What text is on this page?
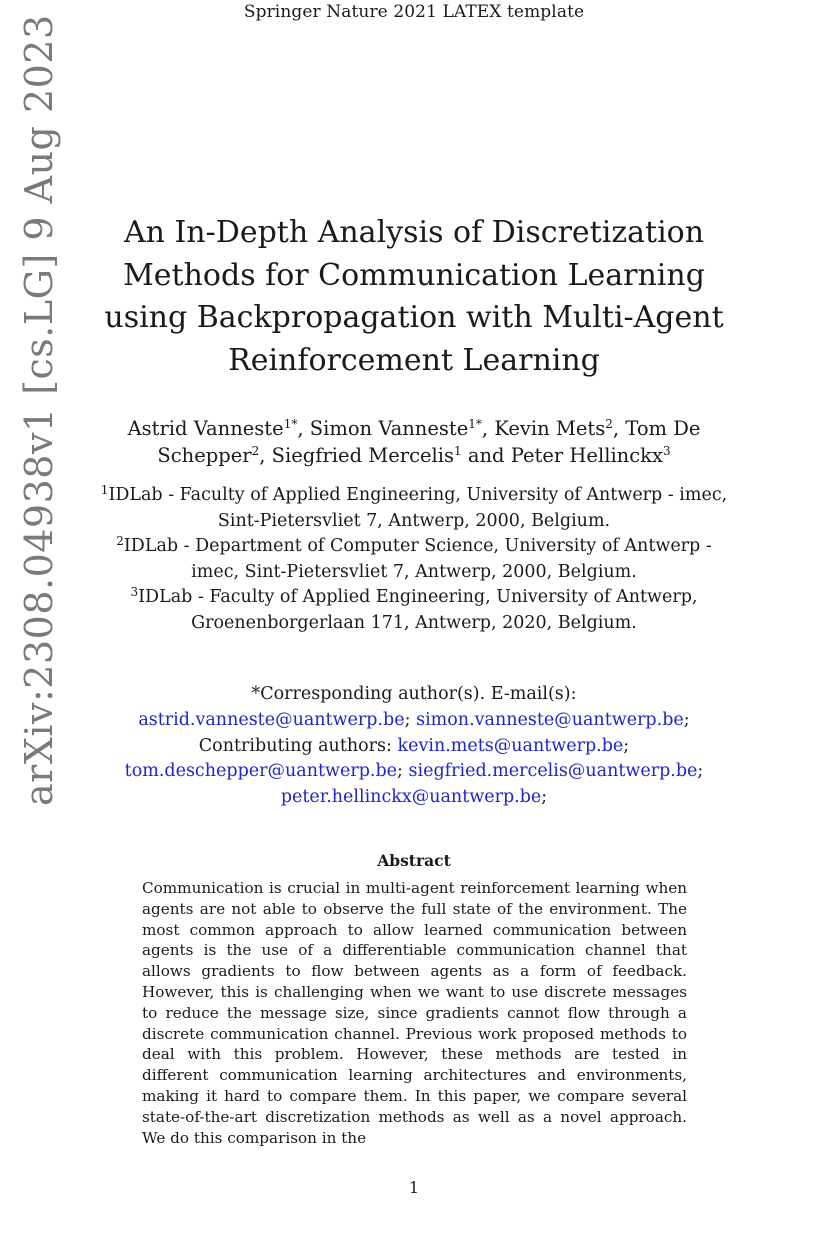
Springer Nature 2021 LATEX template
arXiv:2308.04938v1 [cs.LG] 9 Aug 2023	An In-Depth Analysis of Discretization Methods for Communication Learning using Backpropagation with Multi-Agent Reinforcement Learning
Astrid Vanneste$^{1*}$, Simon Vanneste$^{1*}$, Kevin Mets$^2$, Tom De Schepper$^2$, Siegfried Mercelis$^1$ and Peter Hellinckx$^3$
$^1$IDLab - Faculty of Applied Engineering, University of Antwerp - imec, Sint-Pietersvliet 7, Antwerp, 2000, Belgium.
$^2$IDLab - Department of Computer Science, University of Antwerp - imec, Sint-Pietersvliet 7, Antwerp, 2000, Belgium.
$^3$IDLab - Faculty of Applied Engineering, University of Antwerp, Groenenborgerlaan 171, Antwerp, 2020, Belgium.
*Corresponding author(s). E-mail(s):
astrid.vanneste@uantwerp.be; simon.vanneste@uantwerp.be;
Contributing authors: kevin.mets@uantwerp.be;
tom.deschepper@uantwerp.be; siegfried.mercelis@uantwerp.be;
peter.hellinckx@uantwerp.be;
Abstract
Communication is crucial in multi-agent reinforcement learning when agents are not able to observe the full state of the environment. The most common approach to allow learned communication between agents is the use of a differentiable communication channel that allows gradients to flow between agents as a form of feedback. However, this is challenging when we want to use discrete messages to reduce the message size, since gradients cannot flow through a discrete communication channel. Previous work proposed methods to deal with this problem. However, these methods are tested in different communication learning architectures and environments, making it hard to compare them. In this paper, we compare several state-of-the-art discretization methods as well as a novel approach. We do this comparison in the
1
